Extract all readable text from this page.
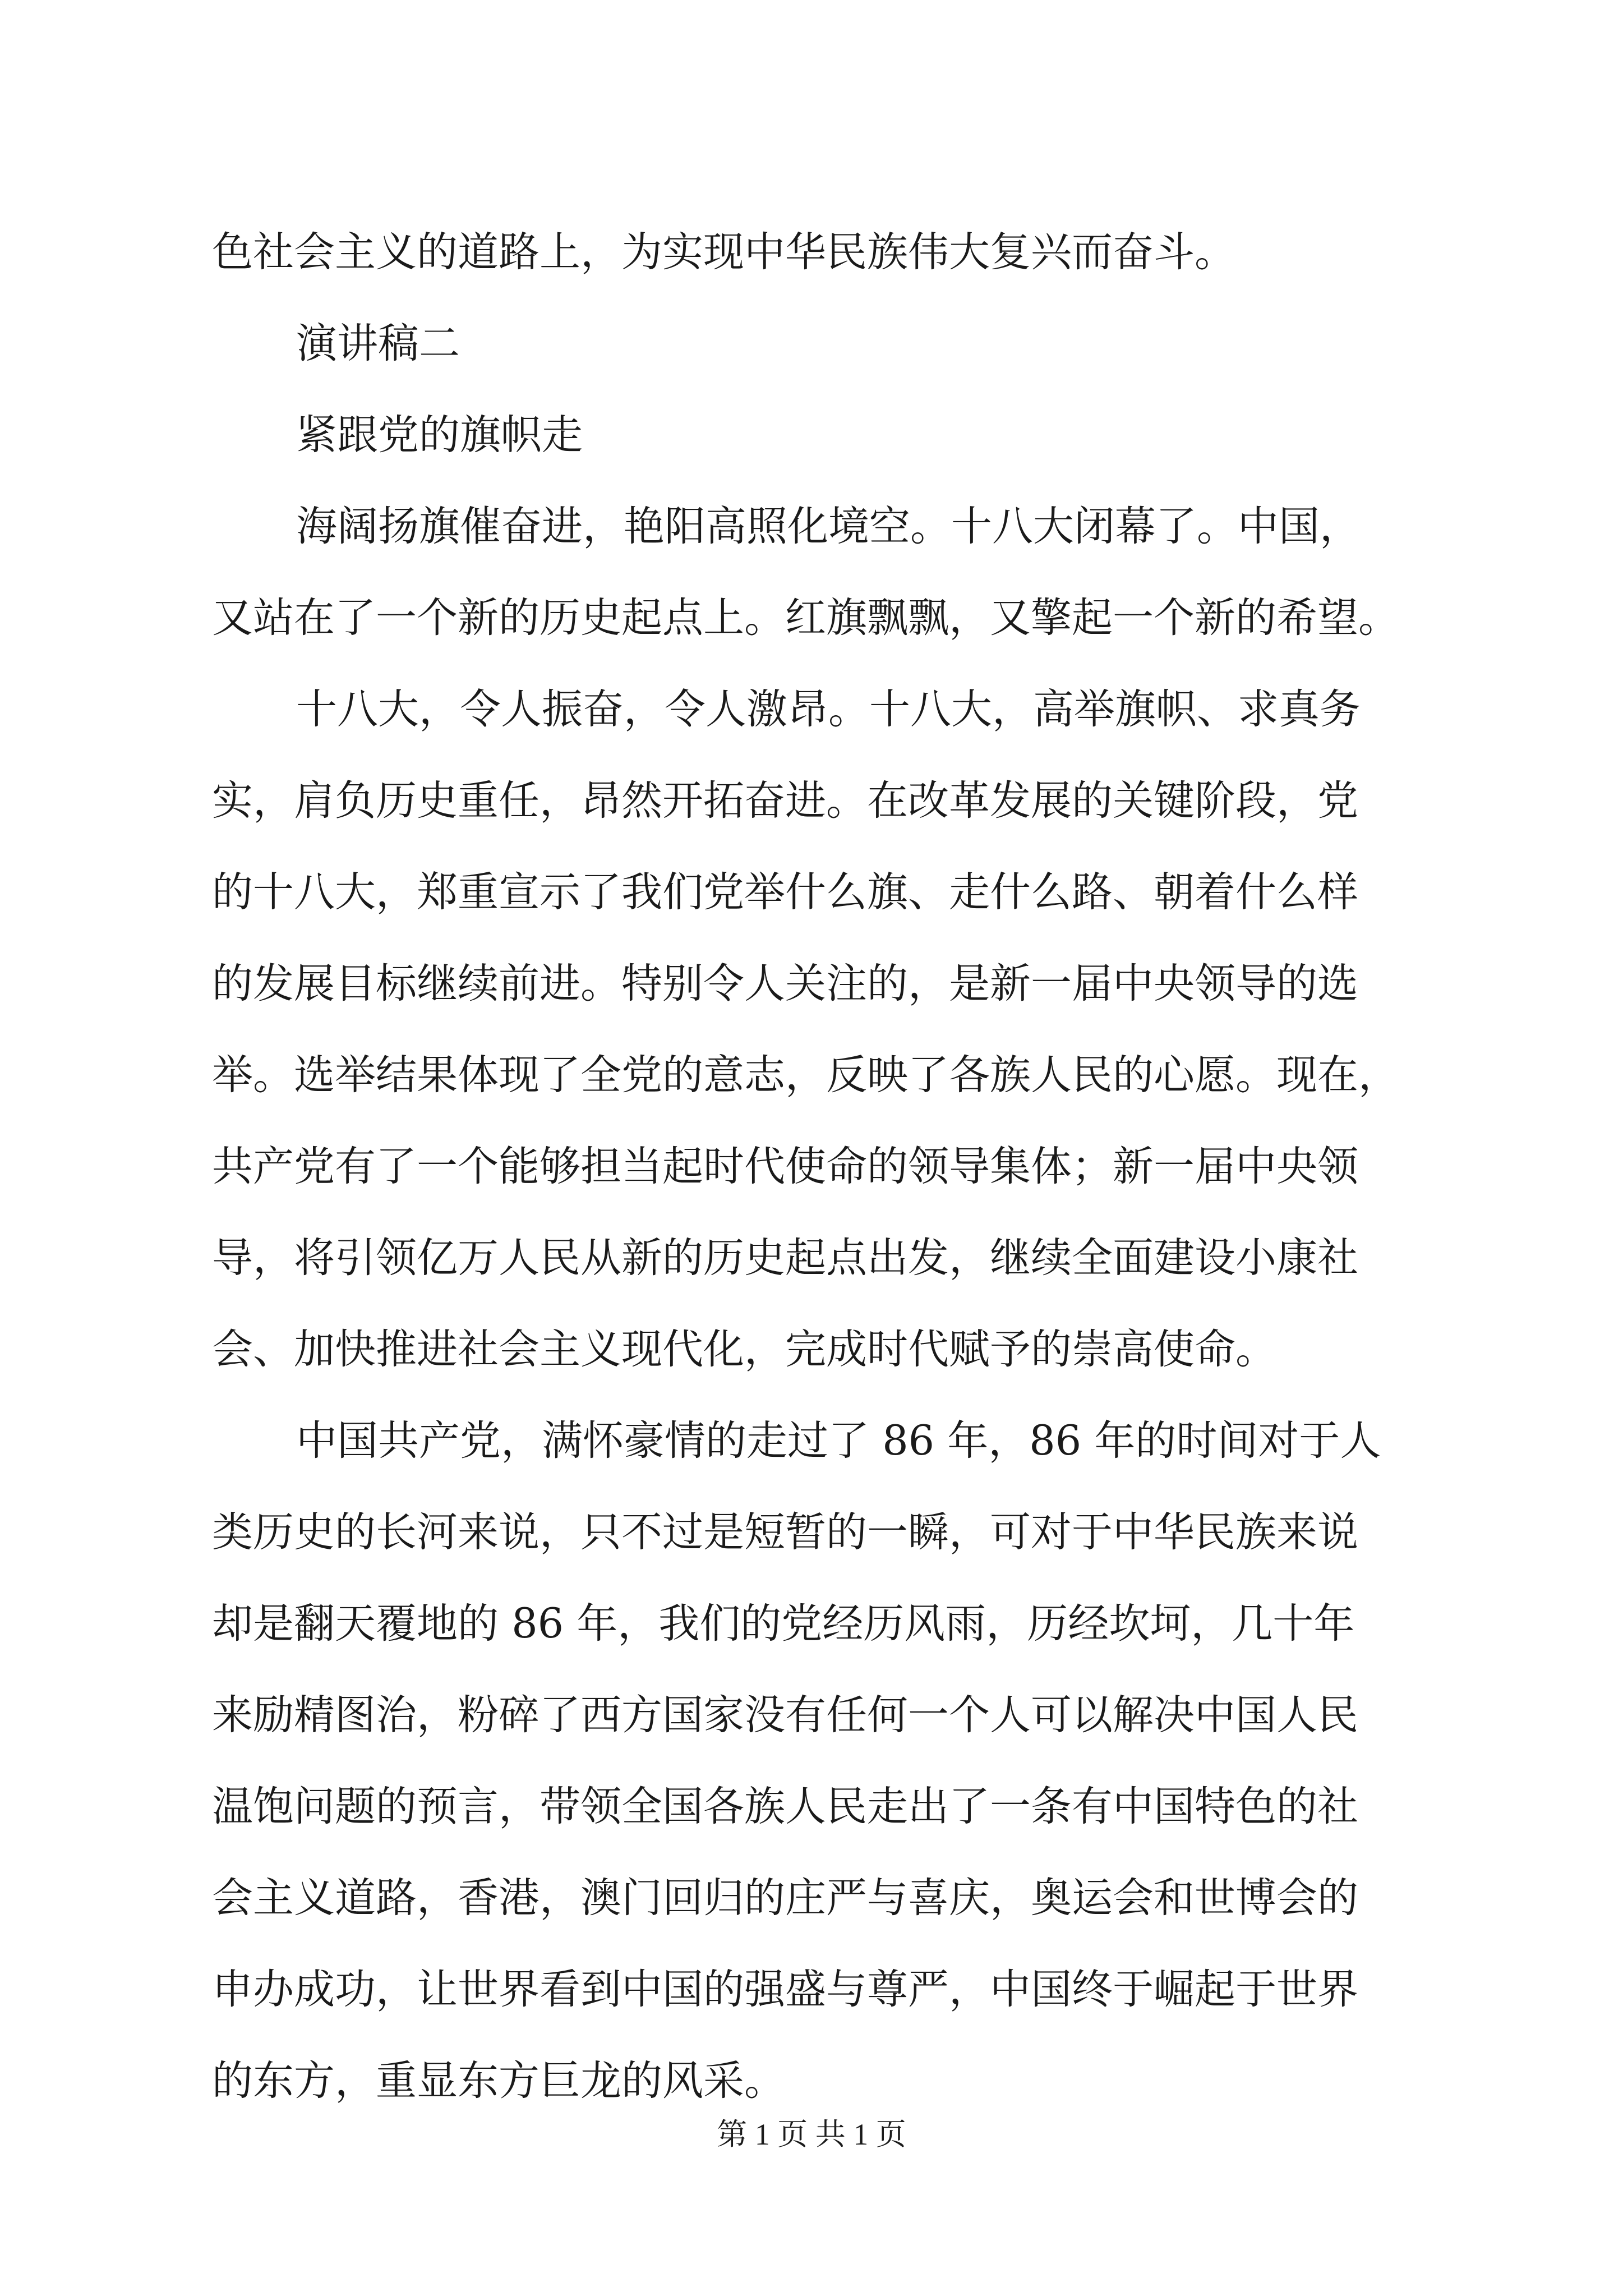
色社会主义的道路上，为实现中华民族伟大复兴而奋斗。
演讲稿二
紧跟党的旗帜走
海阔扬旗催奋进，艳阳高照化境空。十八大闭幕了。中国，
又站在了一个新的历史起点上。红旗飘飘，又擎起一个新的希望。
十八大，令人振奋，令人激昂。十八大，高举旗帜、求真务
实，肩负历史重任，昂然开拓奋进。在改革发展的关键阶段，党
的十八大，郑重宣示了我们党举什么旗、走什么路、朝着什么样
的发展目标继续前进。特别令人关注的，是新一届中央领导的选
举。选举结果体现了全党的意志，反映了各族人民的心愿。现在，
共产党有了一个能够担当起时代使命的领导集体；新一届中央领
导，将引领亿万人民从新的历史起点出发，继续全面建设小康社
会、加快推进社会主义现代化，完成时代赋予的崇高使命。
中国共产党，满怀豪情的走过了 86 年，86 年的时间对于人
类历史的长河来说，只不过是短暂的一瞬，可对于中华民族来说
却是翻天覆地的 86 年，我们的党经历风雨，历经坎坷，几十年
来励精图治，粉碎了西方国家没有任何一个人可以解决中国人民
温饱问题的预言，带领全国各族人民走出了一条有中国特色的社
会主义道路，香港，澳门回归的庄严与喜庆，奥运会和世博会的
申办成功，让世界看到中国的强盛与尊严，中国终于崛起于世界
的东方，重显东方巨龙的风采。
第 1 页 共 1 页
